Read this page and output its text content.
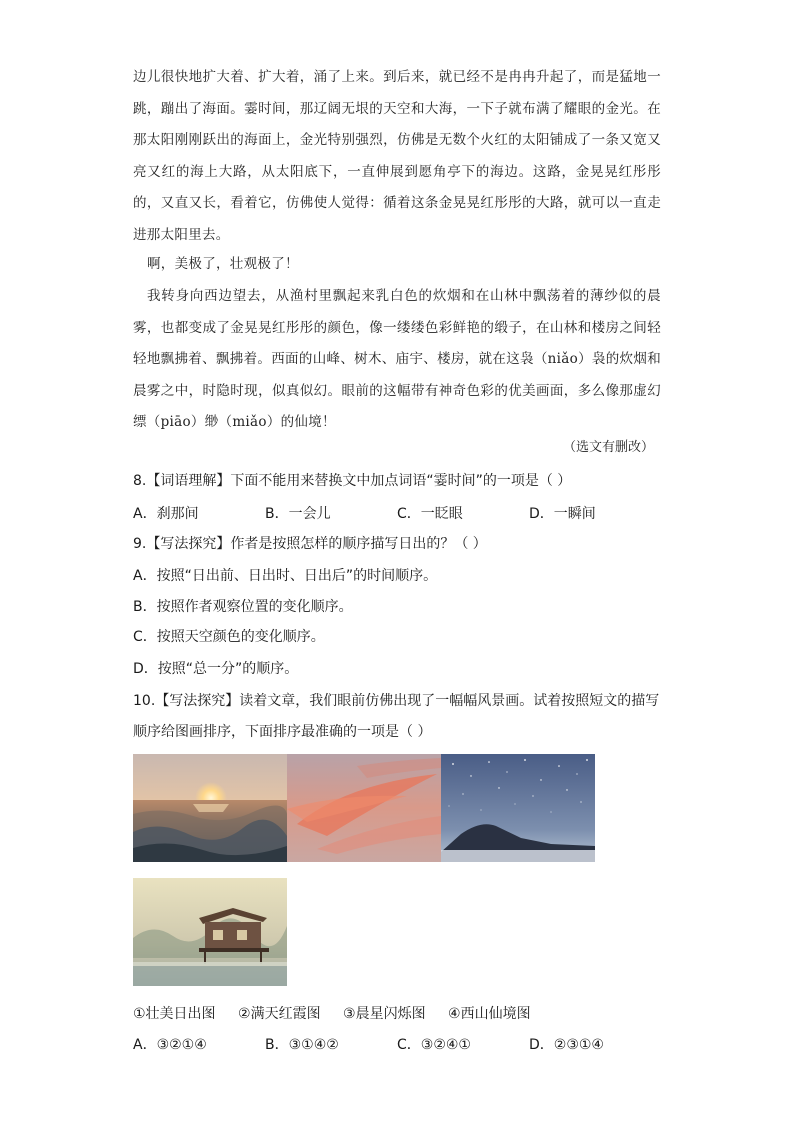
边儿很快地扩大着、扩大着，涌了上来。到后来，就已经不是冉冉升起了，而是猛地一跳，蹦出了海面。霎时间，那辽阔无垠的天空和大海，一下子就布满了耀眼的金光。在那太阳刚刚跃出的海面上，金光特别强烈，仿佛是无数个火红的太阳铺成了一条又宽又亮又红的海上大路，从太阳底下，一直伸展到愿角亭下的海边。这路，金晃晃红彤彤的，又直又长，看着它，仿佛使人觉得：循着这条金晃晃红彤彤的大路，就可以一直走进那太阳里去。
啊，美极了，壮观极了！
我转身向西边望去，从渔村里飘起来乳白色的炊烟和在山林中飘荡着的薄纱似的晨雾，也都变成了金晃晃红彤彤的颜色，像一缕缕色彩鲜艳的缎子，在山林和楼房之间轻轻地飘拂着、飘拂着。西面的山峰、树木、庙宇、楼房，就在这袅（niǎo）袅的炊烟和晨雾之中，时隐时现，似真似幻。眼前的这幅带有神奇色彩的优美画面，多么像那虚幻缥（piāo）缈（miǎo）的仙境！
（选文有删改）
8.【词语理解】下面不能用来替换文中加点词语“霎时间”的一项是（ ）
A．刹那间	B．一会儿	C．一眨眼	D．一瞬间
9.【写法探究】作者是按照怎样的顺序描写日出的？（ ）
A．按照“日出前、日出时、日出后”的时间顺序。
B．按照作者观察位置的变化顺序。
C．按照天空颜色的变化顺序。
D．按照“总一分”的顺序。
10.【写法探究】读着文章，我们眼前仿佛出现了一幅幅风景画。试着按照短文的描写顺序给图画排序，下面排序最准确的一项是（ ）
①壮美日出图 ②满天红霞图 ③晨星闪烁图 ④西山仙境图
A．③②①④	B．③①④②	C．③②④①	D．②③①④
